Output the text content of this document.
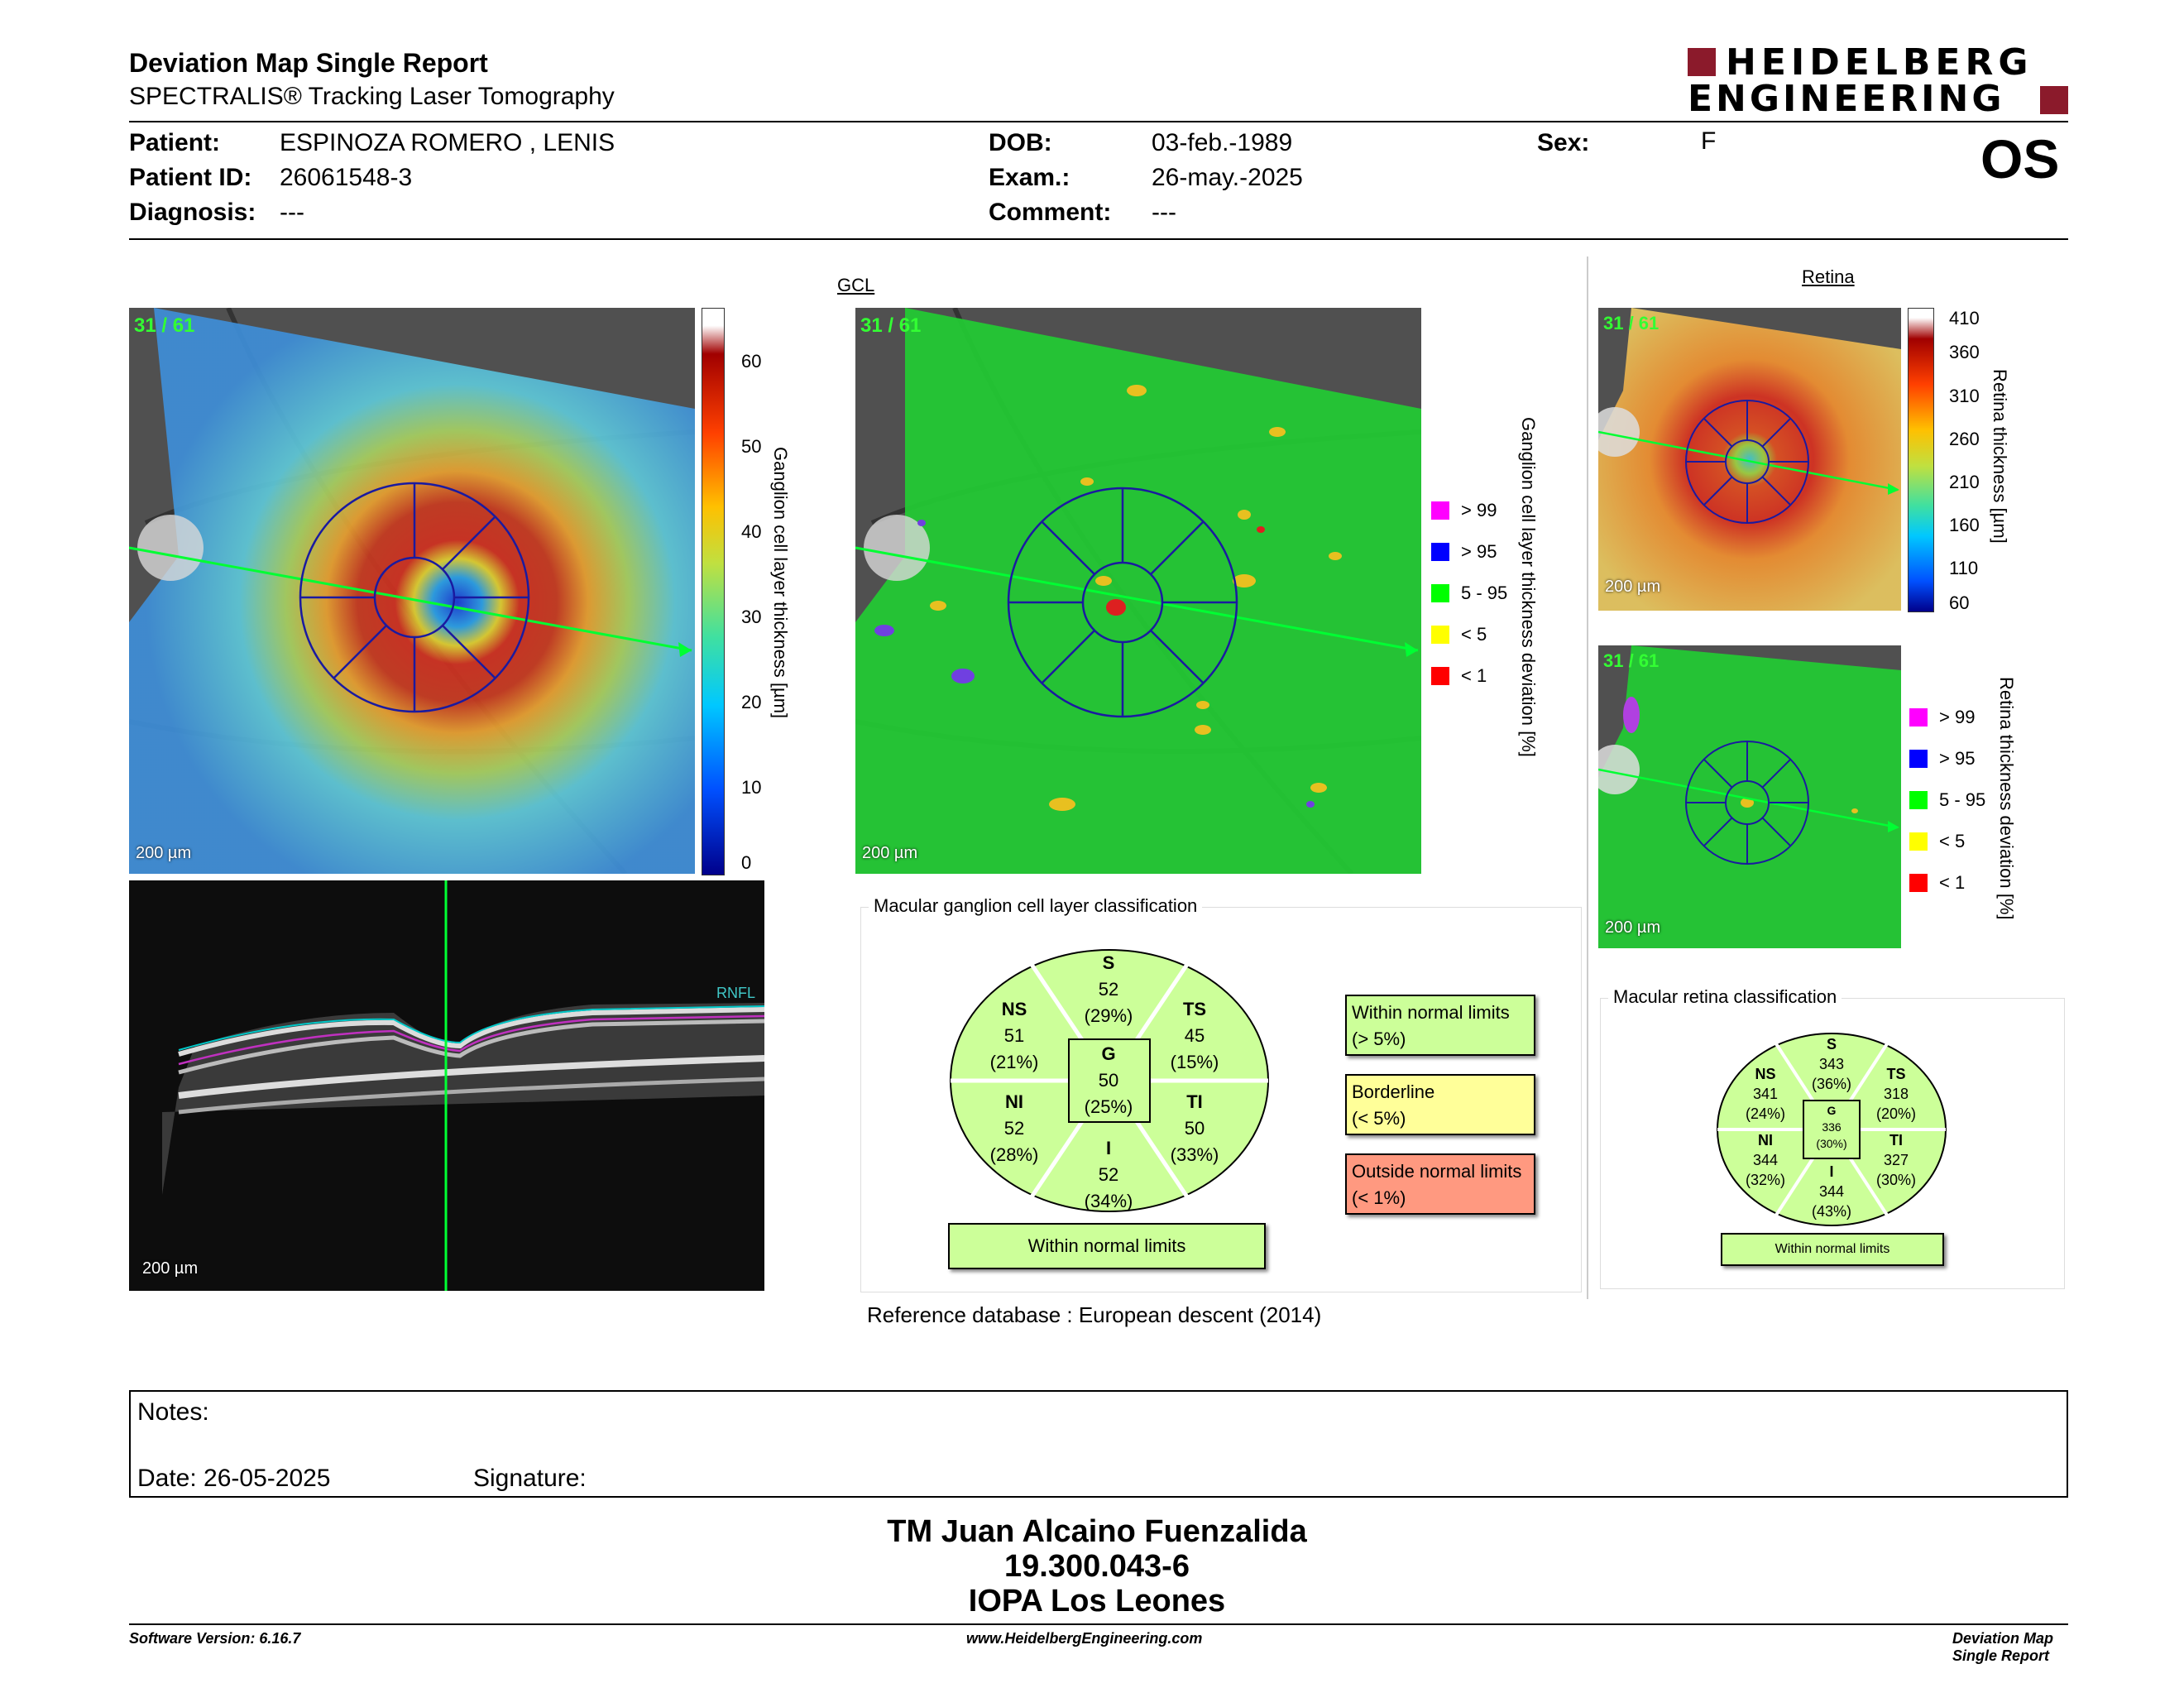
Deviation Map Single Report
SPECTRALIS® Tracking Laser Tomography
HEIDELBERG
ENGINEERING
Patient: ESPINOZA ROMERO , LENIS
Patient ID: 26061548-3
Diagnosis: ---
DOB:	03-feb.-1989
Exam.:	26-may.-2025
Comment: ---
Sex:	F	OS
31 / 61
200 µm
60
50
40
30
20
10
0
Ganglion cell layer thickness [µm]
GCL
31 / 61
200 µm
> 99
> 95
5 - 95
< 5
< 1 Ganglion cell layer thickness deviation [%]
RNFL
200 µm
Macular ganglion cell layer classification
S
52
(29%)
NS
51
(21%)
TS
45
(15%)
G
50
(25%)
NI
52
(28%)
TI
50
(33%)
I
52
(34%)
Within normal limits
Within normal limits
(> 5%)
Borderline
(< 5%)
Outside normal limits
(< 1%)
Reference database : European descent (2014)
Retina
31 / 61
200 µm
410
360
310
260
210
160
110
60
Retina thickness [µm]
31 / 61
200 µm
> 99
> 95
5 - 95
< 5
< 1 Retina thickness deviation [%]
Macular retina classification
S
343
(36%)
NS
341
(24%)
TS
318
(20%)
G
336
(30%)
NI
344
(32%)
TI
327
(30%)
I
344
(43%)
Within normal limits
Notes:
Date: 26-05-2025	Signature:
TM Juan Alcaino Fuenzalida
19.300.043-6
IOPA Los Leones
Software Version: 6.16.7	www.HeidelbergEngineering.com	Deviation Map Single Report
